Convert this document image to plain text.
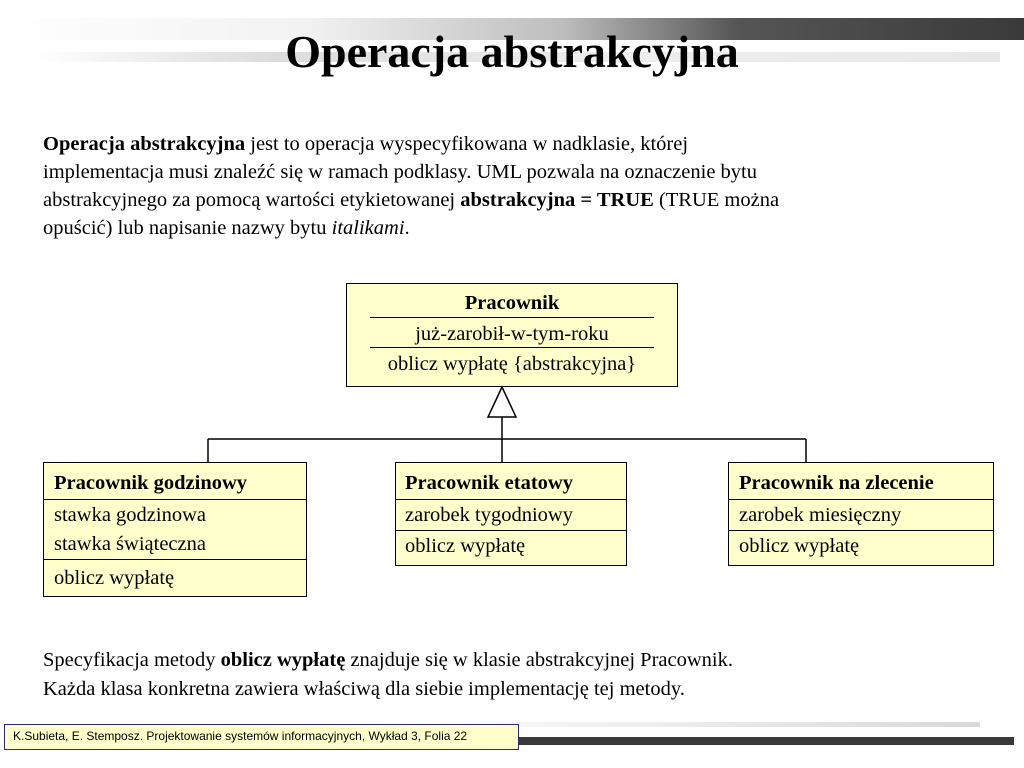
Operacja abstrakcyjna
Operacja abstrakcyjna jest to operacja wyspecyfikowana w nadklasie, której
implementacja musi znaleźć się w ramach podklasy. UML pozwala na oznaczenie bytu
abstrakcyjnego za pomocą wartości etykietowanej abstrakcyjna = TRUE (TRUE można
opuścić) lub napisanie nazwy bytu italikami.
Pracownik
już-zarobił-w-tym-roku
oblicz wypłatę {abstrakcyjna}
Pracownik godzinowy
stawka godzinowa
stawka świąteczna
oblicz wypłatę
Pracownik etatowy
zarobek tygodniowy
oblicz wypłatę
Pracownik na zlecenie
zarobek miesięczny
oblicz wypłatę
Specyfikacja metody oblicz wypłatę znajduje się w klasie abstrakcyjnej Pracownik.
Każda klasa konkretna zawiera właściwą dla siebie implementację tej metody.
K.Subieta, E. Stemposz. Projektowanie systemów informacyjnych, Wykład 3, Folia 22
